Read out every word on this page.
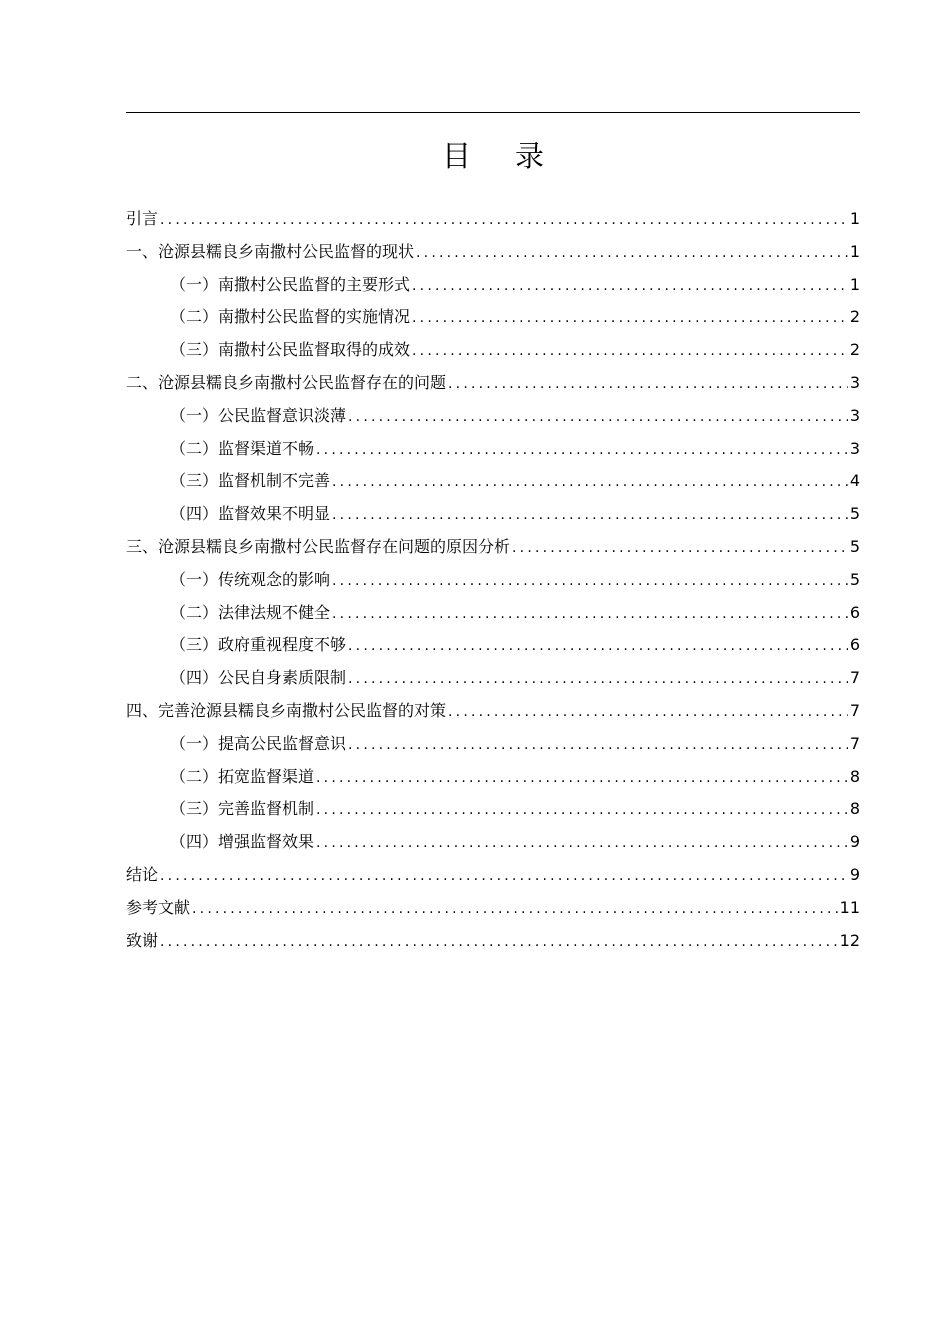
目录
引言 .....	1
一、沧源县糯良乡南撒村公民监督的现状 .....	1
（一）南撒村公民监督的主要形式 .....	1
（二）南撒村公民监督的实施情况 .....	2
（三）南撒村公民监督取得的成效 .....	2
二、沧源县糯良乡南撒村公民监督存在的问题 .....	3
（一）公民监督意识淡薄 .....	3
（二）监督渠道不畅 .....	3
（三）监督机制不完善 .....	4
（四）监督效果不明显 .....	5
三、沧源县糯良乡南撒村公民监督存在问题的原因分析 .....	5
（一）传统观念的影响 .....	5
（二）法律法规不健全 .....	6
（三）政府重视程度不够 .....	6
（四）公民自身素质限制 .....	7
四、完善沧源县糯良乡南撒村公民监督的对策 .....	7
（一）提高公民监督意识 .....	7
（二）拓宽监督渠道 .....	8
（三）完善监督机制 .....	8
（四）增强监督效果 .....	9
结论 .....	9
参考文献 .....	11
致谢 .....	12
